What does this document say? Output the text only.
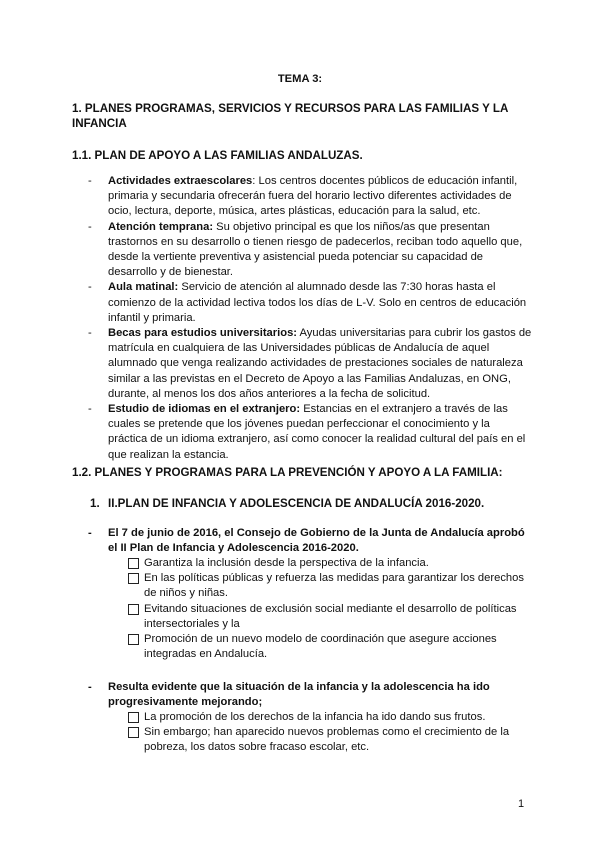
TEMA 3:
1. PLANES PROGRAMAS, SERVICIOS Y RECURSOS PARA LAS FAMILIAS Y LA INFANCIA
1.1. PLAN DE APOYO A LAS FAMILIAS ANDALUZAS.
- Actividades extraescolares: Los centros docentes públicos de educación infantil, primaria y secundaria ofrecerán fuera del horario lectivo diferentes actividades de ocio, lectura, deporte, música, artes plásticas, educación para la salud, etc.
- Atención temprana: Su objetivo principal es que los niños/as que presentan trastornos en su desarrollo o tienen riesgo de padecerlos, reciban todo aquello que, desde la vertiente preventiva y asistencial pueda potenciar su capacidad de desarrollo y de bienestar.
- Aula matinal: Servicio de atención al alumnado desde las 7:30 horas hasta el comienzo de la actividad lectiva todos los días de L-V. Solo en centros de educación infantil y primaria.
- Becas para estudios universitarios: Ayudas universitarias para cubrir los gastos de matrícula en cualquiera de las Universidades públicas de Andalucía de aquel alumnado que venga realizando actividades de prestaciones sociales de naturaleza similar a las previstas en el Decreto de Apoyo a las Familias Andaluzas, en ONG, durante, al menos los dos años anteriores a la fecha de solicitud.
- Estudio de idiomas en el extranjero: Estancias en el extranjero a través de las cuales se pretende que los jóvenes puedan perfeccionar el conocimiento y la práctica de un idioma extranjero, así como conocer la realidad cultural del país en el que realizan la estancia.
1.2. PLANES Y PROGRAMAS PARA LA PREVENCIÓN Y APOYO A LA FAMILIA:
1. II.PLAN DE INFANCIA Y ADOLESCENCIA DE ANDALUCÍA 2016-2020.
-	El 7 de junio de 2016, el Consejo de Gobierno de la Junta de Andalucía aprobó el II Plan de Infancia y Adolescencia 2016-2020.
Garantiza la inclusión desde la perspectiva de la infancia.
En las políticas públicas y refuerza las medidas para garantizar los derechos de niños y niñas.
Evitando situaciones de exclusión social mediante el desarrollo de políticas intersectoriales y la
Promoción de un nuevo modelo de coordinación que asegure acciones integradas en Andalucía.
-	Resulta evidente que la situación de la infancia y la adolescencia ha ido progresivamente mejorando;
La promoción de los derechos de la infancia ha ido dando sus frutos.
Sin embargo; han aparecido nuevos problemas como el crecimiento de la pobreza, los datos sobre fracaso escolar, etc.
1
